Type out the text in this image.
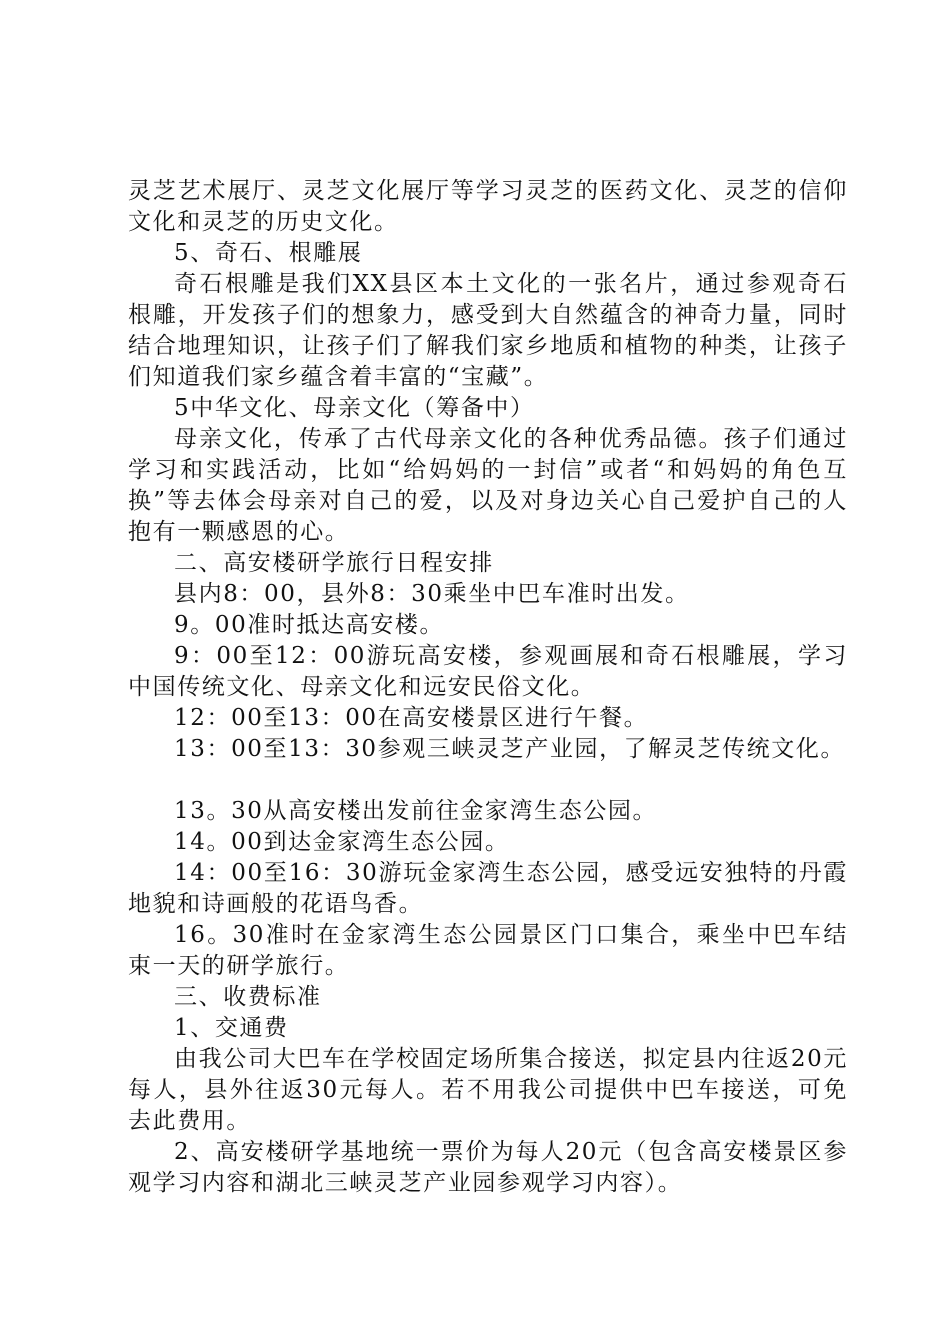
灵芝艺术展厅、灵芝文化展厅等学习灵芝的医药文化、灵芝的信仰文化和灵芝的历史文化。

5、奇石、根雕展

奇石根雕是我们XX县区本土文化的一张名片，通过参观奇石根雕，开发孩子们的想象力，感受到大自然蕴含的神奇力量，同时结合地理知识，让孩子们了解我们家乡地质和植物的种类，让孩子们知道我们家乡蕴含着丰富的“宝藏”。

5中华文化、母亲文化（筹备中）

母亲文化，传承了古代母亲文化的各种优秀品德。孩子们通过学习和实践活动，比如“给妈妈的一封信”或者“和妈妈的角色互换”等去体会母亲对自己的爱，以及对身边关心自己爱护自己的人抱有一颗感恩的心。

二、高安楼研学旅行日程安排

县内8：00，县外8：30乘坐中巴车准时出发。

9。00准时抵达高安楼。

9：00至12：00游玩高安楼，参观画展和奇石根雕展，学习中国传统文化、母亲文化和远安民俗文化。

12：00至13：00在高安楼景区进行午餐。

13：00至13：30参观三峡灵芝产业园，了解灵芝传统文化。

13。30从高安楼出发前往金家湾生态公园。

14。00到达金家湾生态公园。

14：00至16：30游玩金家湾生态公园，感受远安独特的丹霞地貌和诗画般的花语鸟香。

16。30准时在金家湾生态公园景区门口集合，乘坐中巴车结束一天的研学旅行。

三、收费标准

1、交通费

由我公司大巴车在学校固定场所集合接送，拟定县内往返20元每人，县外往返30元每人。若不用我公司提供中巴车接送，可免去此费用。

2、高安楼研学基地统一票价为每人20元（包含高安楼景区参观学习内容和湖北三峡灵芝产业园参观学习内容）。
